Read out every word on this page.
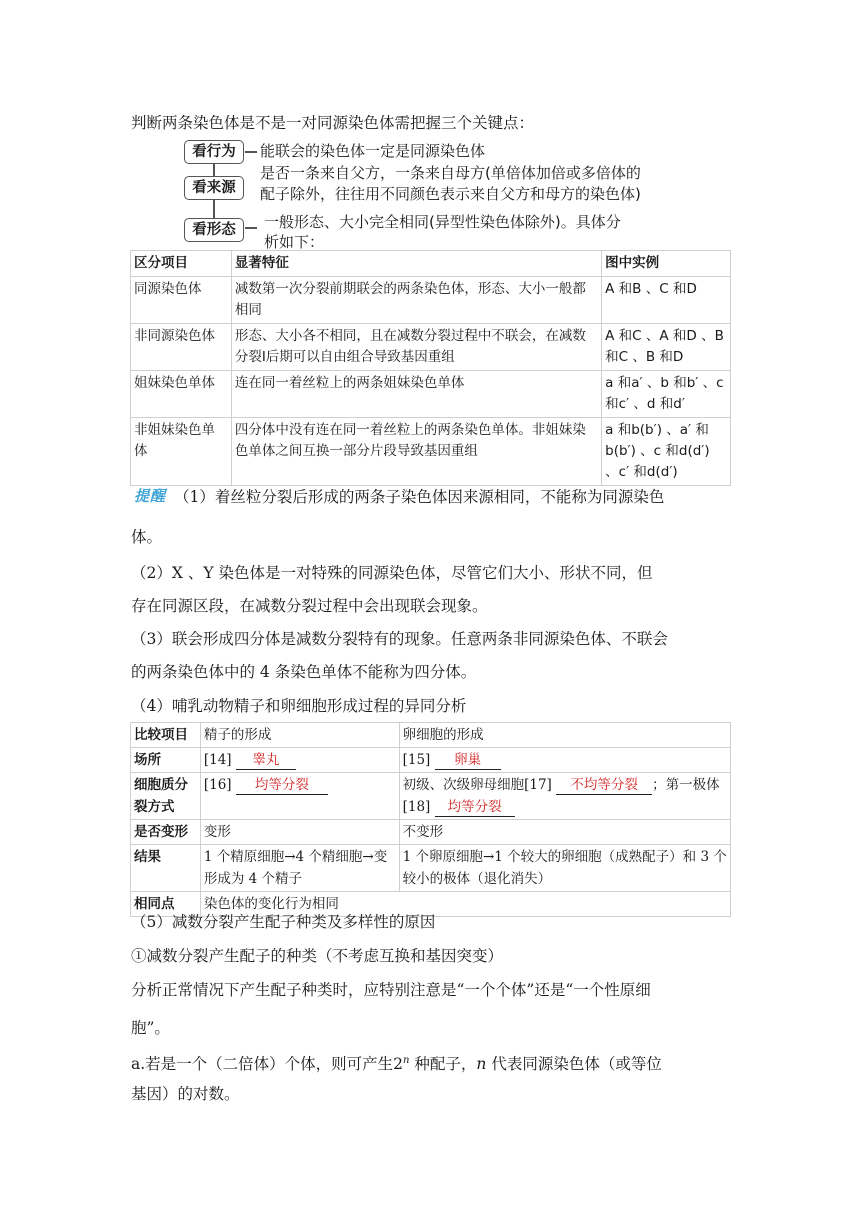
判断两条染色体是不是一对同源染色体需把握三个关键点：
看行为	能联会的染色体一定是同源染色体
看来源
是否一条来自父方，一条来自母方(单倍体加倍或多倍体的
配子除外，往往用不同颜色表示来自父方和母方的染色体)
看形态	一般形态、大小完全相同(异型性染色体除外)。具体分
析如下：
区分项目	显著特征	图中实例
同源染色体	减数第一次分裂前期联会的两条染色体，形态、大小一般都相同	A 和B 、C 和D
非同源染色体	形态、大小各不相同，且在减数分裂过程中不联会，在减数分裂Ⅰ后期可以自由组合导致基因重组	A 和C 、A 和D 、B 和C 、B 和D
姐妹染色单体	连在同一着丝粒上的两条姐妹染色单体	a 和a′ 、b 和b′ 、c 和c′ 、d 和d′
非姐妹染色单体	四分体中没有连在同一着丝粒上的两条染色单体。非姐妹染色单体之间互换一部分片段导致基因重组	a 和b(b′) 、a′ 和b(b′) 、c 和d(d′) 、c′ 和d(d′)
提醒 （1）着丝粒分裂后形成的两条子染色体因来源相同，不能称为同源染色
体。
（2）X 、Y 染色体是一对特殊的同源染色体，尽管它们大小、形状不同，但
存在同源区段，在减数分裂过程中会出现联会现象。
（3）联会形成四分体是减数分裂特有的现象。任意两条非同源染色体、不联会
的两条染色体中的 4 条染色单体不能称为四分体。
（4）哺乳动物精子和卵细胞形成过程的异同分析
比较项目	精子的形成	卵细胞的形成
场所	[14] 睾丸	[15] 卵巢
细胞质分裂方式	[16] 均等分裂	初级、次级卵母细胞[17] 不均等分裂 ；第一极体[18] 均等分裂
是否变形	变形	不变形
结果	1 个精原细胞→4 个精细胞→变形成为 4 个精子	1 个卵原细胞→1 个较大的卵细胞（成熟配子）和 3 个较小的极体（退化消失）
相同点	染色体的变化行为相同	
（5）减数分裂产生配子种类及多样性的原因
①减数分裂产生配子的种类（不考虑互换和基因突变）
分析正常情况下产生配子种类时，应特别注意是“一个个体”还是“一个性原细
胞”。
a.若是一个（二倍体）个体，则可产生2$^n$ 种配子，n 代表同源染色体（或等位
基因）的对数。
